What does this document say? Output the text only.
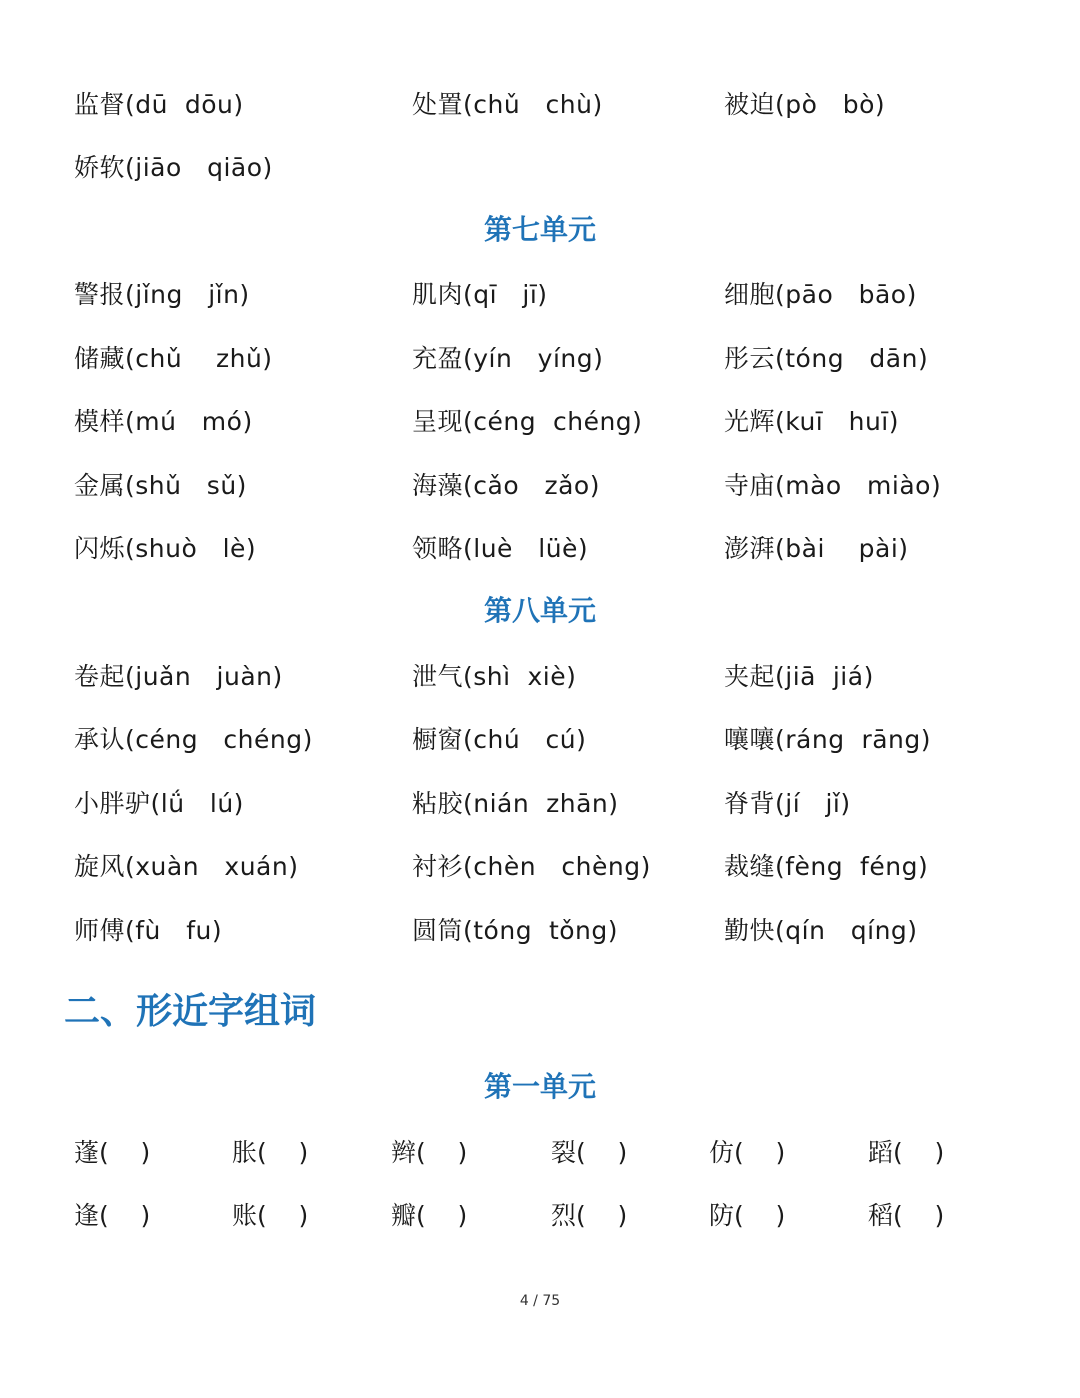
监督(dū  dōu)	处置(chǔ   chù)	被迫(pò   bò)
娇软(jiāo   qiāo)
第七单元
警报(jǐng   jǐn)	肌肉(qī   jī)	细胞(pāo   bāo)
储藏(chǔ    zhǔ)	充盈(yín   yíng)	彤云(tóng   dān)
模样(mú   mó)	呈现(céng  chéng)	光辉(kuī   huī)
金属(shǔ   sǔ)	海藻(cǎo   zǎo)	寺庙(mào   miào)
闪烁(shuò   lè)	领略(luè   lüè)	澎湃(bài    pài)
第八单元
卷起(juǎn   juàn)	泄气(shì  xiè)	夹起(jiā  jiá)
承认(céng   chéng)	橱窗(chú   cú)	嚷嚷(ráng  rāng)
小胖驴(lǘ   lú)	粘胶(nián  zhān)	脊背(jí   jǐ)
旋风(xuàn   xuán)	衬衫(chèn   chèng)	裁缝(fèng  féng)
师傅(fù   fu)	圆筒(tóng  tǒng)	勤快(qín   qíng)
二、形近字组词
第一单元
蓬(    )	胀(    )	辫(    )	裂(    )	仿(    )	蹈(    )
逢(    )	账(    )	瓣(    )	烈(    )	防(    )	稻(    )
4 / 75
